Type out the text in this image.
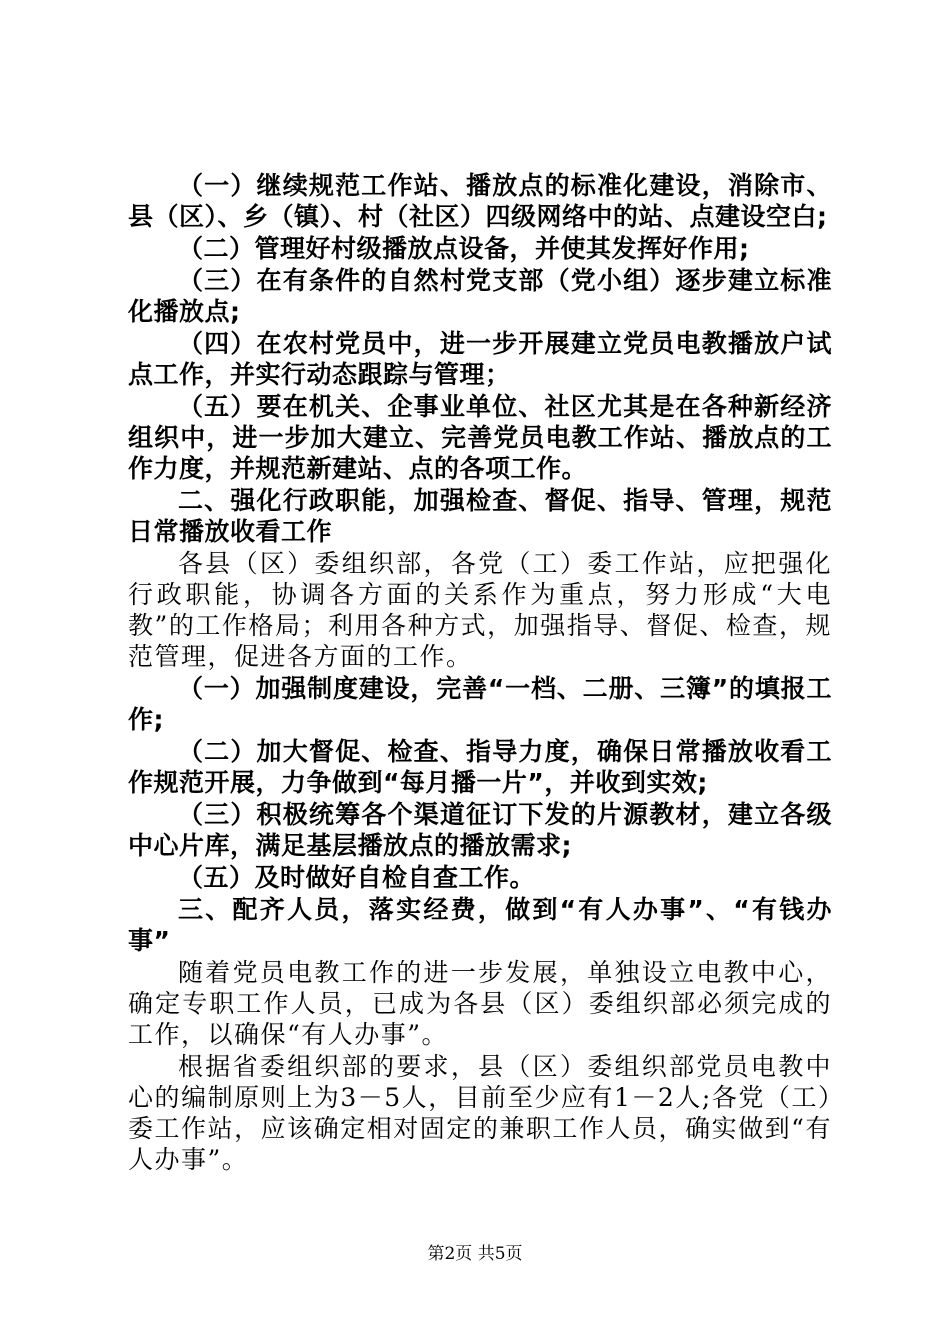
（一）继续规范工作站、播放点的标准化建设，消除市、县（区）、乡（镇）、村（社区）四级网络中的站、点建设空白;

（二）管理好村级播放点设备，并使其发挥好作用;

（三）在有条件的自然村党支部（党小组）逐步建立标准化播放点;

（四）在农村党员中，进一步开展建立党员电教播放户试点工作，并实行动态跟踪与管理；

（五）要在机关、企事业单位、社区尤其是在各种新经济组织中，进一步加大建立、完善党员电教工作站、播放点的工作力度，并规范新建站、点的各项工作。

二、强化行政职能，加强检查、督促、指导、管理，规范日常播放收看工作

各县（区）委组织部，各党（工）委工作站，应把强化行政职能，协调各方面的关系作为重点，努力形成“大电教”的工作格局；利用各种方式，加强指导、督促、检查，规范管理，促进各方面的工作。

（一）加强制度建设，完善“一档、二册、三簿”的填报工作;

（二）加大督促、检查、指导力度，确保日常播放收看工作规范开展，力争做到“每月播一片”，并收到实效;

（三）积极统筹各个渠道征订下发的片源教材，建立各级中心片库，满足基层播放点的播放需求;

（五）及时做好自检自查工作。

三、配齐人员，落实经费，做到“有人办事”、“有钱办事”

随着党员电教工作的进一步发展，单独设立电教中心，确定专职工作人员，已成为各县（区）委组织部必须完成的工作，以确保“有人办事”。

根据省委组织部的要求，县（区）委组织部党员电教中心的编制原则上为3－5人，目前至少应有1－2人;各党（工）委工作站，应该确定相对固定的兼职工作人员，确实做到“有人办事”。

第2页 共5页
